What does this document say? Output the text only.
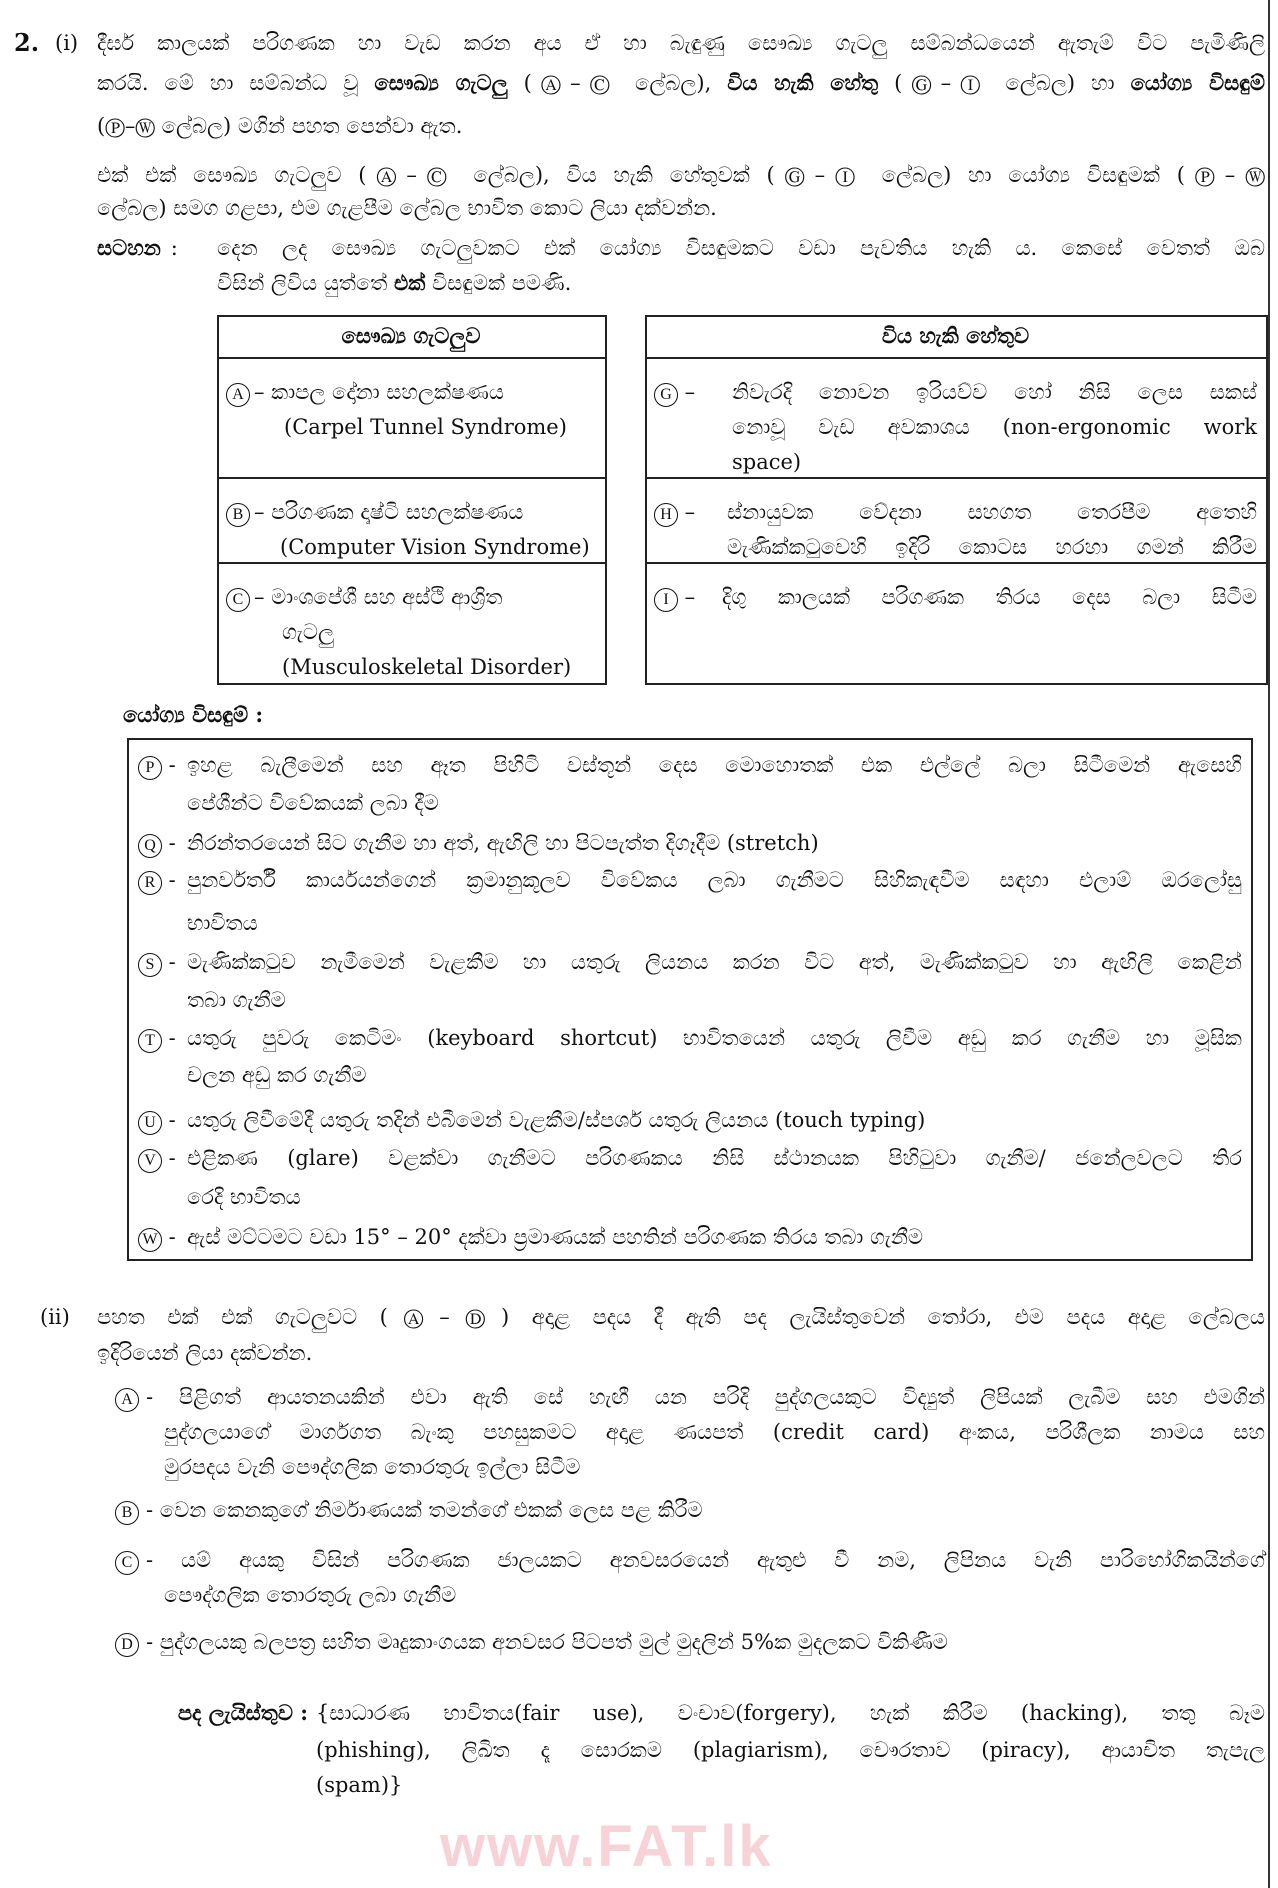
www.FAT.lk
2. (i) දීර්ඝ කාලයක් පරිගණක හා වැඩ කරන අය ඒ හා බැඳුණු සෞඛ්‍ය ගැටලු සම්බන්ධයෙන් ඇතැම් විට පැමිණිලි
කරයි. මේ හා සම්බන්ධ වූ සෞඛ්‍ය ගැටලු (Ⓐ–Ⓒ ලේබල), විය හැකි හේතු (Ⓖ–Ⓘ ලේබල) හා යෝග්‍ය විසඳුම්
(Ⓟ–Ⓦ ලේබල) මගින් පහත පෙන්වා ඇත.
එක් එක් සෞඛ්‍ය ගැටලුව (Ⓐ–Ⓒ ලේබල), විය හැකි හේතුවක් (Ⓖ–Ⓘ ලේබල) හා යෝග්‍ය විසඳුමක් (Ⓟ–Ⓦ
ලේබල) සමග ගළපා, එම ගැළපීම ලේබල භාවිත කොට ලියා දක්වන්න.
සටහන : දෙන ලද සෞඛ්‍ය ගැටලුවකට එක් යෝග්‍ය විසඳුමකට වඩා පැවතිය හැකි ය. කෙසේ වෙතත් ඔබ
විසින් ලිවිය යුත්තේ එක් විසඳුමක් පමණි.
සෞඛ්‍ය ගැටලුව
A – කාපල දෝනා සහලක්ෂණය
(Carpel Tunnel Syndrome)
B – පරිගණක දෘෂ්ටි සහලක්ෂණය
(Computer Vision Syndrome)
C – මාංශපේශී සහ අස්ථි ආශ්‍රිත
ගැටලු
(Musculoskeletal Disorder)
විය හැකි හේතුව
G – නිවැරදි නොවන ඉරියව්ව හෝ නිසි ලෙස සකස්
නොවූ වැඩ අවකාශය (non-ergonomic work
space)
H – ස්නායුවක වේදනා සහගත තෙරපීම අතෙහි
මැණික්කටුවෙහි ඉදිරි කොටස හරහා ගමන් කිරීම
I – දිගු කාලයක් පරිගණක තිරය දෙස බලා සිටීම
යෝග්‍ය විසඳුම් :
P - ඉහළ බැලීමෙන් සහ ඈත පිහිටි වස්තූන් දෙස මොහොතක් එක එල්ලේ බලා සිටීමෙන් ඇසෙහි
පේශීන්ට විවේකයක් ලබා දීම
Q - නිරන්තරයෙන් සිට ගැනීම හා අත්, ඇඟිලි හා පිටපැත්ත දිගෑදීම (stretch)
R - පුනර්වර්තී කාර්යයන්ගෙන් ක්‍රමානුකූලව විවේකය ලබා ගැනීමට සිහිකැඳවීම සඳහා එලාම් ඔරලෝසු
භාවිතය
S - මැණික්කටුව නැමීමෙන් වැළකීම හා යතුරු ලියනය කරන විට අත්, මැණික්කටුව හා ඇඟිලි කෙළින්
තබා ගැනීම
T - යතුරු පුවරු කෙටිමං (keyboard shortcut) භාවිතයෙන් යතුරු ලිවීම අඩු කර ගැනීම හා මූසික
චලන අඩු කර ගැනීම
U - යතුරු ලිවීමේදී යතුරු තදින් එබීමෙන් වැළකීම/ස්පර්ශ යතුරු ලියනය (touch typing)
V - එළිකණ (glare) වළක්වා ගැනීමට පරිගණකය නිසි ස්ථානයක පිහිටුවා ගැනීම/ ජනේලවලට තිර
රෙදි භාවිතය
W - ඇස් මට්ටමට වඩා 15° – 20° දක්වා ප්‍රමාණයක් පහතින් පරිගණක තිරය තබා ගැනීම
(ii) පහත එක් එක් ගැටලුවට (Ⓐ–Ⓓ) අදාළ පදය දී ඇති පද ලැයිස්තුවෙන් තෝරා, එම පදය අදාළ ලේබලය
ඉදිරියෙන් ලියා දක්වන්න.
A - පිළිගත් ආයතනයකින් එවා ඇති සේ හැඟී යන පරිදි පුද්ගලයකුට විද්‍යුත් ලිපියක් ලැබීම සහ එමගින්
පුද්ගලයාගේ මාර්ගගත බැංකු පහසුකමට අදාළ ණයපත් (credit card) අංකය, පරිශීලක නාමය සහ
මුරපදය වැනි පෞද්ගලික තොරතුරු ඉල්ලා සිටීම
B - වෙන කෙනකුගේ නිර්මාණයක් තමන්ගේ එකක් ලෙස පළ කිරීම
C - යම් අයකු විසින් පරිගණක ජාලයකට අනවසරයෙන් ඇතුළු වී නම, ලිපිනය වැනි පාරිභෝගිකයින්ගේ
පෞද්ගලික තොරතුරු ලබා ගැනීම
D - පුද්ගලයකු බලපත්‍ර සහිත මෘදුකාංගයක අනවසර පිටපත් මුල් මුදලින් 5%ක මුදලකට විකිණීම
පද ලැයිස්තුව : {සාධාරණ භාවිතය(fair use), වංචාව(forgery), හැක් කිරීම (hacking), තතු බෑම
(phishing), ලිඛිත දෑ සොරකම (plagiarism), චෞරතාව (piracy), ආයාචිත තැපැල
(spam)}
